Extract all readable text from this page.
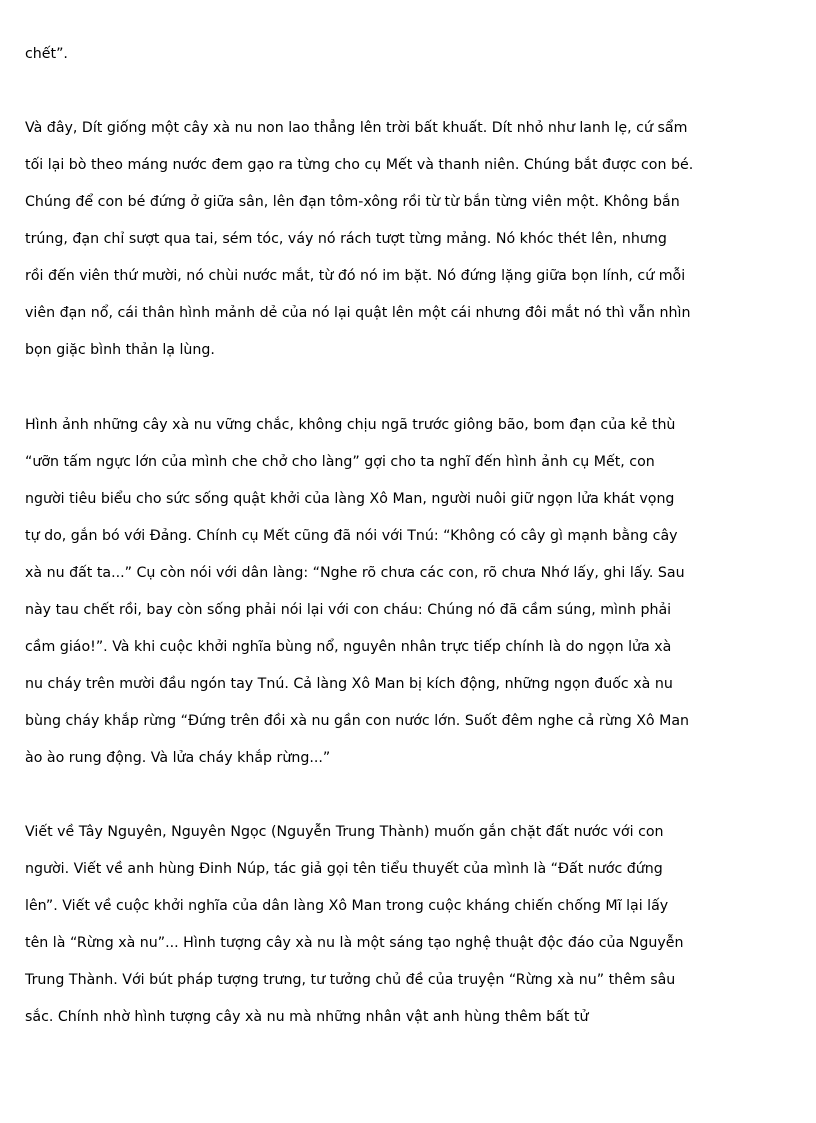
chết”.

Và đây, Dít giống một cây xà nu non lao thẳng lên trời bất khuất. Dít nhỏ như lanh lẹ, cứ sẩm

tối lại bò theo máng nước đem gạo ra từng cho cụ Mết và thanh niên. Chúng bắt được con bé.

Chúng để con bé đứng ở giữa sân, lên đạn tôm-xông rồi từ từ bắn từng viên một. Không bắn

trúng, đạn chỉ sượt qua tai, sém tóc, váy nó rách tượt từng mảng. Nó khóc thét lên, nhưng

rồi đến viên thứ mười, nó chùi nước mắt, từ đó nó im bặt. Nó đứng lặng giữa bọn lính, cứ mỗi

viên đạn nổ, cái thân hình mảnh dẻ của nó lại quật lên một cái nhưng đôi mắt nó thì vẫn nhìn

bọn giặc bình thản lạ lùng.

Hình ảnh những cây xà nu vững chắc, không chịu ngã trước giông bão, bom đạn của kẻ thù

“ưỡn tấm ngực lớn của mình che chở cho làng” gợi cho ta nghĩ đến hình ảnh cụ Mết, con

người tiêu biểu cho sức sống quật khởi của làng Xô Man, người nuôi giữ ngọn lửa khát vọng

tự do, gắn bó với Đảng. Chính cụ Mết cũng đã nói với Tnú: “Không có cây gì mạnh bằng cây

xà nu đất ta...” Cụ còn nói với dân làng: “Nghe rõ chưa các con, rõ chưa Nhớ lấy, ghi lấy. Sau

này tau chết rồi, bay còn sống phải nói lại với con cháu: Chúng nó đã cầm súng, mình phải

cầm giáo!”. Và khi cuộc khởi nghĩa bùng nổ, nguyên nhân trực tiếp chính là do ngọn lửa xà

nu cháy trên mười đầu ngón tay Tnú. Cả làng Xô Man bị kích động, những ngọn đuốc xà nu

bùng cháy khắp rừng “Đứng trên đồi xà nu gần con nước lớn. Suốt đêm nghe cả rừng Xô Man

ào ào rung động. Và lửa cháy khắp rừng...”

Viết về Tây Nguyên, Nguyên Ngọc (Nguyễn Trung Thành) muốn gắn chặt đất nước với con

người. Viết về anh hùng Đinh Núp, tác giả gọi tên tiểu thuyết của mình là “Đất nước đứng

lên”. Viết về cuộc khởi nghĩa của dân làng Xô Man trong cuộc kháng chiến chống Mĩ lại lấy

tên là “Rừng xà nu”... Hình tượng cây xà nu là một sáng tạo nghệ thuật độc đáo của Nguyễn

Trung Thành. Với bút pháp tượng trưng, tư tưởng chủ đề của truyện “Rừng xà nu” thêm sâu

sắc. Chính nhờ hình tượng cây xà nu mà những nhân vật anh hùng thêm bất tử
